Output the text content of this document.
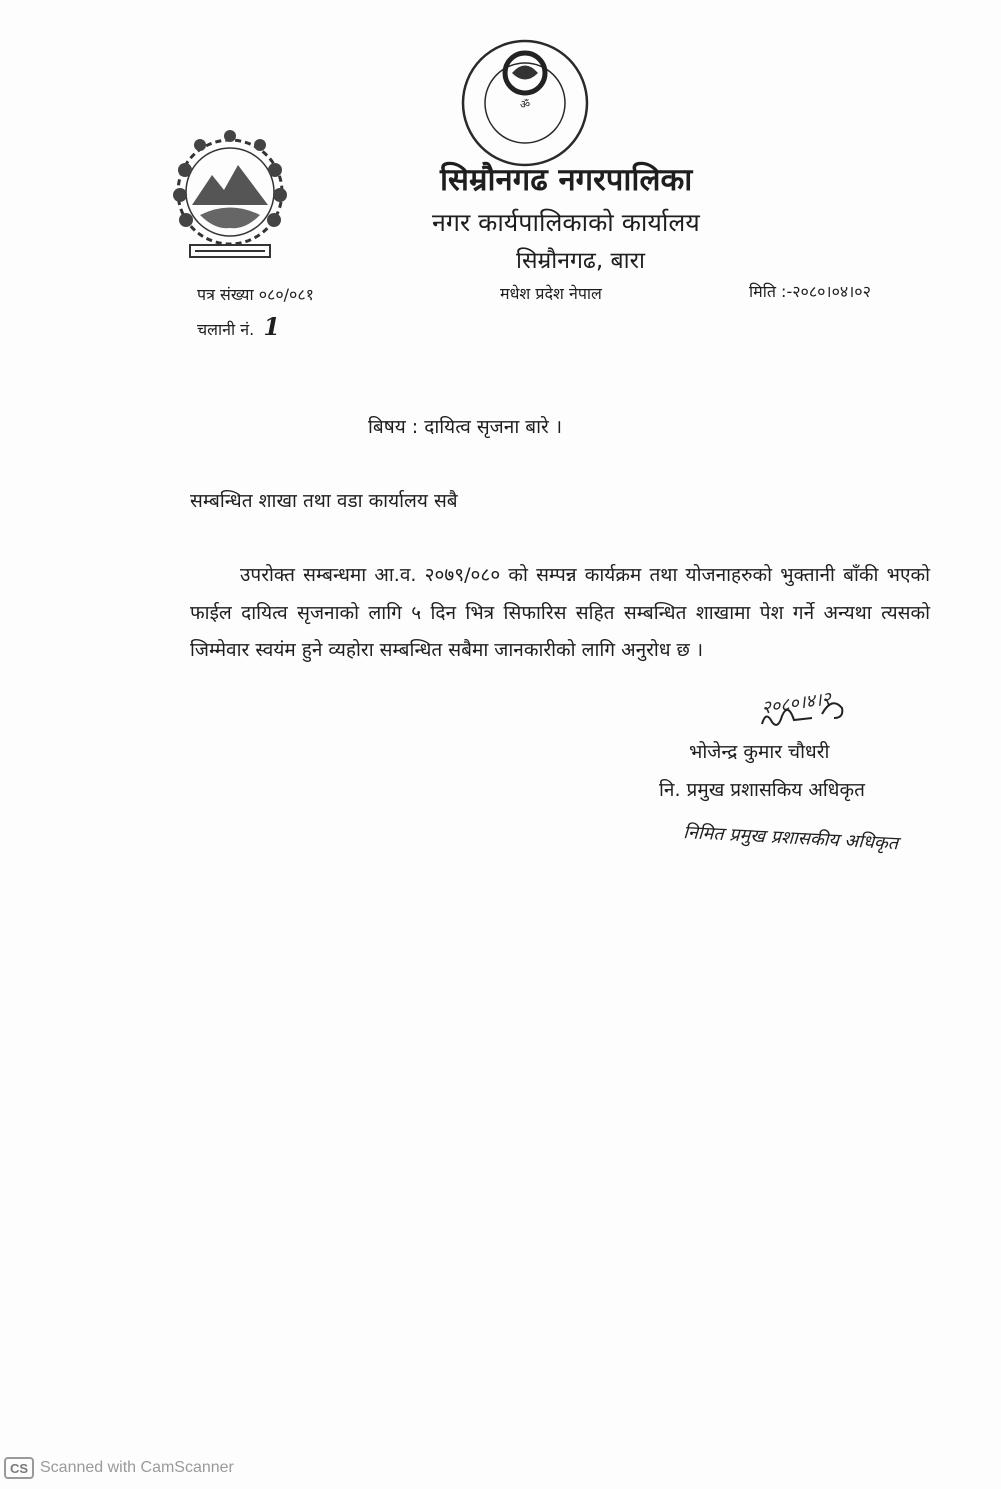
ॐ
सिम्रौनगढ नगरपालिका
नगर कार्यपालिकाको कार्यालय
सिम्रौनगढ, बारा
मधेश प्रदेश नेपाल
पत्र संख्या ०८०/०८१
चलानी नं. 1
मिति :-२०८०।०४।०२
बिषय : दायित्व सृजना बारे ।
सम्बन्धित शाखा तथा वडा कार्यालय सबै
उपरोक्त सम्बन्धमा आ.व. २०७९/०८० को सम्पन्न कार्यक्रम तथा योजनाहरुको भुक्तानी बाँकी भएको फाईल दायित्व सृजनाको लागि ५ दिन भित्र सिफारिस सहित सम्बन्धित शाखामा पेश गर्ने अन्यथा त्यसको जिम्मेवार स्वयंम हुने व्यहोरा सम्बन्धित सबैमा जानकारीको लागि अनुरोध छ ।
२०८०।४।२
भोजेन्द्र कुमार चौधरी
नि. प्रमुख प्रशासकिय अधिकृत
निमित प्रमुख प्रशासकीय अधिकृत
CS Scanned with CamScanner
